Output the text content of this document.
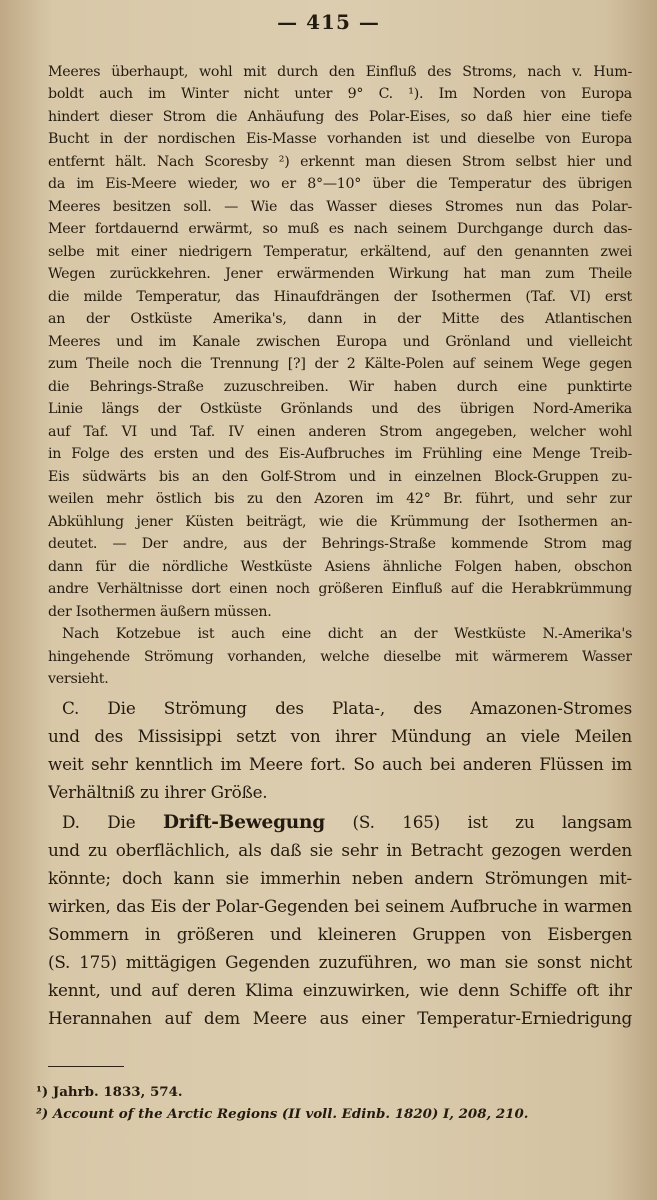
— 415 —
Meeres überhaupt, wohl mit durch den Einfluß des Stroms, nach v. Hum-
boldt auch im Winter nicht unter 9° C. ¹). Im Norden von Europa
hindert dieser Strom die Anhäufung des Polar-Eises, so daß hier eine tiefe
Bucht in der nordischen Eis-Masse vorhanden ist und dieselbe von Europa
entfernt hält. Nach Scoresby ²) erkennt man diesen Strom selbst hier und
da im Eis-Meere wieder, wo er 8°—10° über die Temperatur des übrigen
Meeres besitzen soll. — Wie das Wasser dieses Stromes nun das Polar-
Meer fortdauernd erwärmt, so muß es nach seinem Durchgange durch das-
selbe mit einer niedrigern Temperatur, erkältend, auf den genannten zwei
Wegen zurückkehren. Jener erwärmenden Wirkung hat man zum Theile
die milde Temperatur, das Hinaufdrängen der Isothermen (Taf. VI) erst
an der Ostküste Amerika's, dann in der Mitte des Atlantischen
Meeres und im Kanale zwischen Europa und Grönland und vielleicht
zum Theile noch die Trennung [?] der 2 Kälte-Polen auf seinem Wege gegen
die Behrings-Straße zuzuschreiben. Wir haben durch eine punktirte
Linie längs der Ostküste Grönlands und des übrigen Nord-Amerika
auf Taf. VI und Taf. IV einen anderen Strom angegeben, welcher wohl
in Folge des ersten und des Eis-Aufbruches im Frühling eine Menge Treib-
Eis südwärts bis an den Golf-Strom und in einzelnen Block-Gruppen zu-
weilen mehr östlich bis zu den Azoren im 42° Br. führt, und sehr zur
Abkühlung jener Küsten beiträgt, wie die Krümmung der Isothermen an-
deutet. — Der andre, aus der Behrings-Straße kommende Strom mag
dann für die nördliche Westküste Asiens ähnliche Folgen haben, obschon
andre Verhältnisse dort einen noch größeren Einfluß auf die Herabkrümmung
der Isothermen äußern müssen.
Nach Kotzebue ist auch eine dicht an der Westküste N.-Amerika's
hingehende Strömung vorhanden, welche dieselbe mit wärmerem Wasser
versieht.
C. Die Strömung des Plata-, des Amazonen-Stromes
und des Missisippi setzt von ihrer Mündung an viele Meilen
weit sehr kenntlich im Meere fort. So auch bei anderen Flüssen im
Verhältniß zu ihrer Größe.
D. Die Drift-Bewegung (S. 165) ist zu langsam
und zu oberflächlich, als daß sie sehr in Betracht gezogen werden
könnte; doch kann sie immerhin neben andern Strömungen mit-
wirken, das Eis der Polar-Gegenden bei seinem Aufbruche in warmen
Sommern in größeren und kleineren Gruppen von Eisbergen
(S. 175) mittägigen Gegenden zuzuführen, wo man sie sonst nicht
kennt, und auf deren Klima einzuwirken, wie denn Schiffe oft ihr
Herannahen auf dem Meere aus einer Temperatur-Erniedrigung
¹) Jahrb. 1833, 574.
²) Account of the Arctic Regions (II voll. Edinb. 1820) I, 208, 210.
